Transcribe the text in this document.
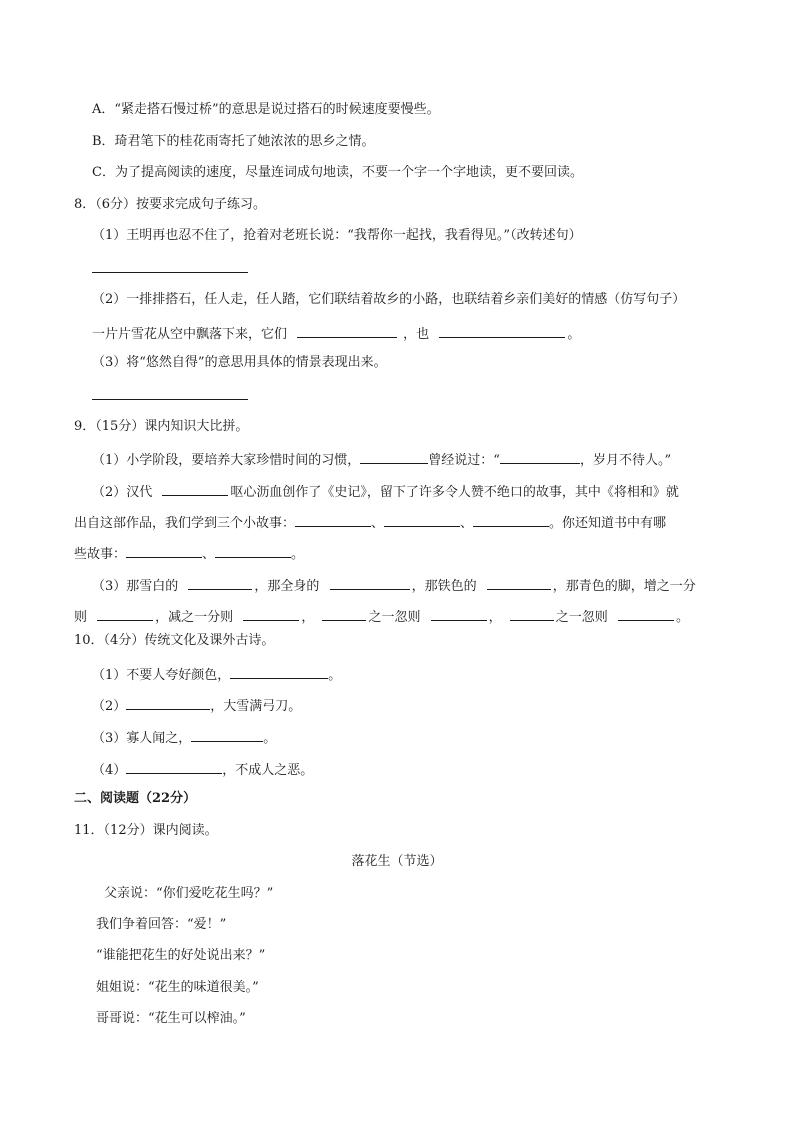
A．“紧走搭石慢过桥”的意思是说过搭石的时候速度要慢些。
B．琦君笔下的桂花雨寄托了她浓浓的思乡之情。
C．为了提高阅读的速度，尽量连词成句地读，不要一个字一个字地读，更不要回读。
8．（6分）按要求完成句子练习。
（1）王明再也忍不住了，抢着对老班长说：“我帮你一起找，我看得见。”（改转述句）
（2）一排排搭石，任人走，任人踏，它们联结着故乡的小路，也联结着乡亲们美好的情感（仿写句子）
一片片雪花从空中飘落下来，它们	，也	。
（3）将“悠然自得”的意思用具体的情景表现出来。
9．（15分）课内知识大比拼。
（1）小学阶段，要培养大家珍惜时间的习惯，	曾经说过：“	，岁月不待人。”
（2）汉代	呕心沥血创作了《史记》，留下了许多令人赞不绝口的故事，其中《将相和》就
出自这部作品，我们学到三个小故事：	、	、	。你还知道书中有哪
些故事：	、	。
（3）那雪白的	，那全身的	，那铁色的	，那青色的脚，增之一分
则	，减之一分则	，	之一忽则	，	之一忽则	。
10．（4分）传统文化及课外古诗。
（1）不要人夸好颜色，	。
（2）	，大雪满弓刀。
（3）寡人闻之，	。
（4）	，不成人之恶。
二、阅读题（22分）
11．（12分）课内阅读。
落花生（节选）
父亲说：“你们爱吃花生吗？”
我们争着回答：“爱！”
“谁能把花生的好处说出来？”
姐姐说：“花生的味道很美。”
哥哥说：“花生可以榨油。”
